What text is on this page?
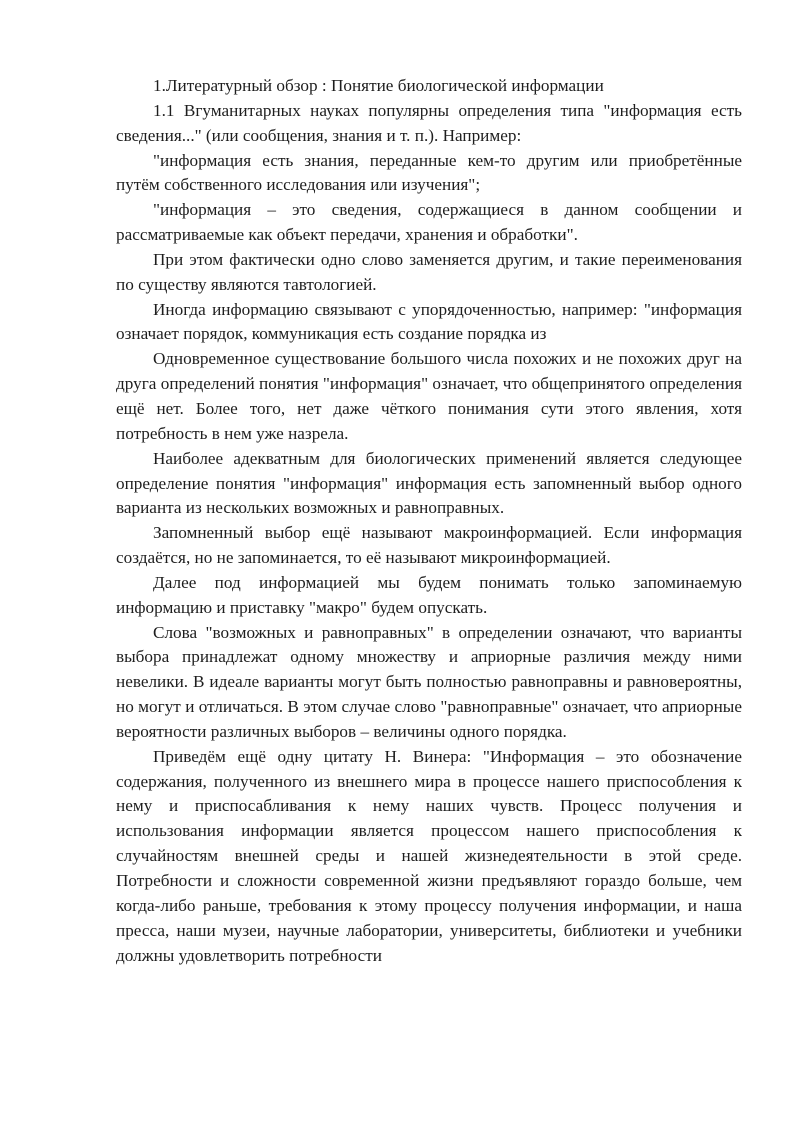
1.Литературный обзор : Понятие биологической информации

1.1 Вгуманитарных науках популярны определения типа "информация есть сведения..." (или сообщения, знания и т. п.). Например:

"информация есть знания, переданные кем-то другим или приобретённые путём собственного исследования или изучения";

"информация – это сведения, содержащиеся в данном сообщении и рассматриваемые как объект передачи, хранения и обработки".

При этом фактически одно слово заменяется другим, и такие переименования по существу являются тавтологией.

Иногда информацию связывают с упорядоченностью, например: "информация означает порядок, коммуникация есть создание порядка из

Одновременное существование большого числа похожих и не похожих друг на друга определений понятия "информация" означает, что общепринятого определения ещё нет. Более того, нет даже чёткого понимания сути этого явления, хотя потребность в нем уже назрела.

Наиболее адекватным для биологических применений является следующее определение понятия "информация" информация есть запомненный выбор одного варианта из нескольких возможных и равноправных.

Запомненный выбор ещё называют макроинформацией. Если информация создаётся, но не запоминается, то её называют микроинформацией.

Далее под информацией мы будем понимать только запоминаемую информацию и приставку "макро" будем опускать.

Слова "возможных и равноправных" в определении означают, что варианты выбора принадлежат одному множеству и априорные различия между ними невелики. В идеале варианты могут быть полностью равноправны и равновероятны, но могут и отличаться. В этом случае слово "равноправные" означает, что априорные вероятности различных выборов – величины одного порядка.

Приведём ещё одну цитату Н. Винера: "Информация – это обозначение содержания, полученного из внешнего мира в процессе нашего приспособления к нему и приспосабливания к нему наших чувств. Процесс получения и использования информации является процессом нашего приспособления к случайностям внешней среды и нашей жизнедеятельности в этой среде. Потребности и сложности современной жизни предъявляют гораздо больше, чем когда-либо раньше, требования к этому процессу получения информации, и наша пресса, наши музеи, научные лаборатории, университеты, библиотеки и учебники должны удовлетворить потребности
